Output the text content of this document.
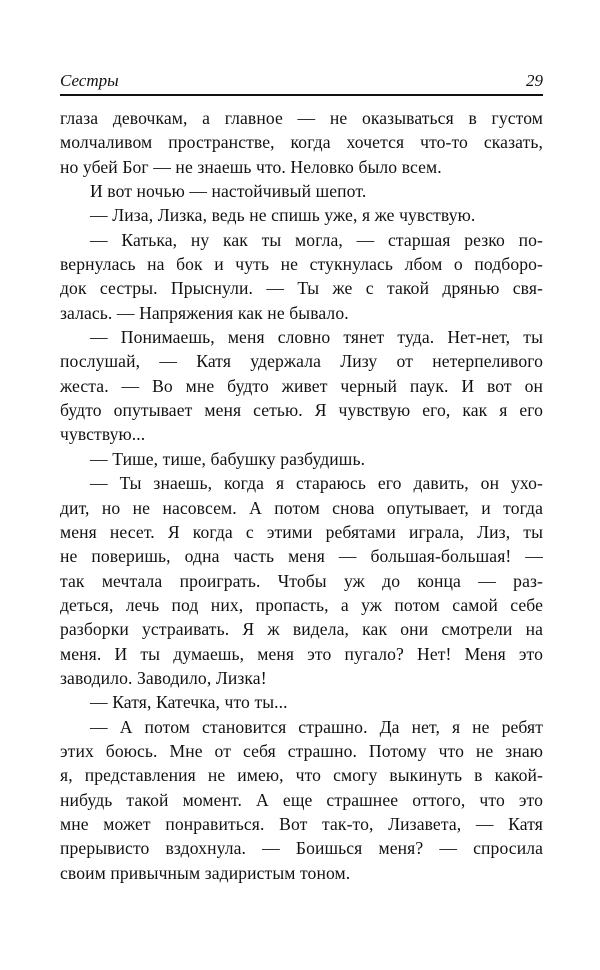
Сестры	29
глаза девочкам, а главное — не оказываться в густом
молчаливом пространстве, когда хочется что-то сказать,
но убей Бог — не знаешь что. Неловко было всем.
И вот ночью — настойчивый шепот.
— Лиза, Лизка, ведь не спишь уже, я же чувствую.
— Катька, ну как ты могла, — старшая резко по-
вернулась на бок и чуть не стукнулась лбом о подборо-
док сестры. Прыснули. — Ты же с такой дрянью свя-
залась. — Напряжения как не бывало.
— Понимаешь, меня словно тянет туда. Нет-нет, ты
послушай, — Катя удержала Лизу от нетерпеливого
жеста. — Во мне будто живет черный паук. И вот он
будто опутывает меня сетью. Я чувствую его, как я его
чувствую...
— Тише, тише, бабушку разбудишь.
— Ты знаешь, когда я стараюсь его давить, он ухо-
дит, но не насовсем. А потом снова опутывает, и тогда
меня несет. Я когда с этими ребятами играла, Лиз, ты
не поверишь, одна часть меня — большая-большая! —
так мечтала проиграть. Чтобы уж до конца — раз-
деться, лечь под них, пропасть, а уж потом самой себе
разборки устраивать. Я ж видела, как они смотрели на
меня. И ты думаешь, меня это пугало? Нет! Меня это
заводило. Заводило, Лизка!
— Катя, Катечка, что ты...
— А потом становится страшно. Да нет, я не ребят
этих боюсь. Мне от себя страшно. Потому что не знаю
я, представления не имею, что смогу выкинуть в какой-
нибудь такой момент. А еще страшнее оттого, что это
мне может понравиться. Вот так-то, Лизавета, — Катя
прерывисто вздохнула. — Боишься меня? — спросила
своим привычным задиристым тоном.
